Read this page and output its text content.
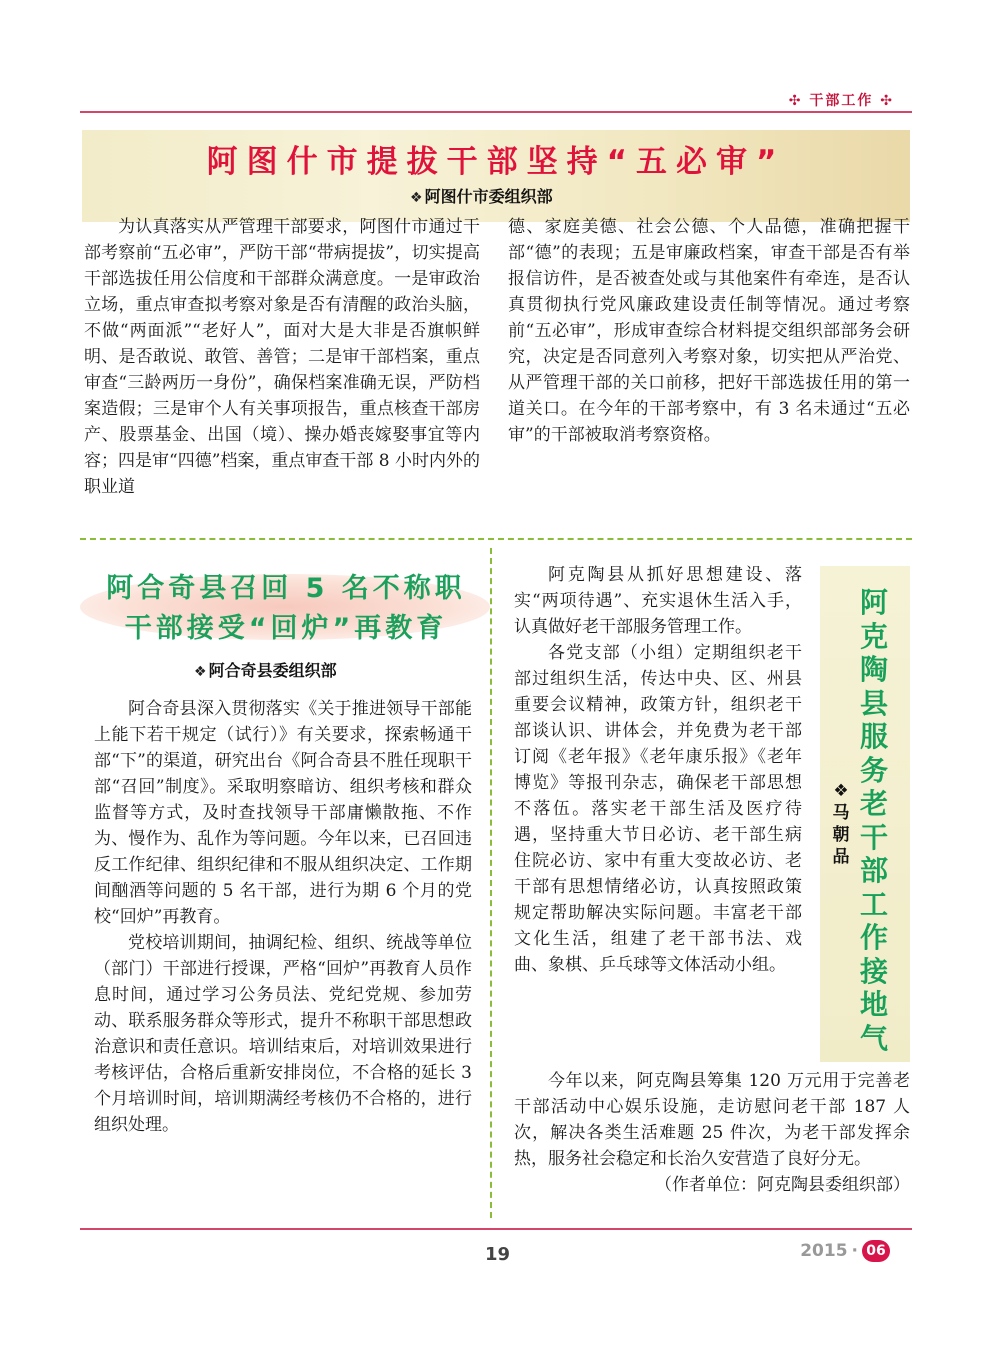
✣ 干部工作 ✣
阿图什市提拔干部坚持“五必审”
❖ 阿图什市委组织部

为认真落实从严管理干部要求，阿图什市通过干部考察前“五必审”，严防干部“带病提拔”，切实提高干部选拔任用公信度和干部群众满意度。一是审政治立场，重点审查拟考察对象是否有清醒的政治头脑，不做“两面派”“老好人”，面对大是大非是否旗帜鲜明、是否敢说、敢管、善管；二是审干部档案，重点审查“三龄两历一身份”，确保档案准确无误，严防档案造假；三是审个人有关事项报告，重点核查干部房产、股票基金、出国（境）、操办婚丧嫁娶事宜等内容；四是审“四德”档案，重点审查干部 8 小时内外的职业道

德、家庭美德、社会公德、个人品德，准确把握干部“德”的表现；五是审廉政档案，审查干部是否有举报信访件，是否被查处或与其他案件有牵连，是否认真贯彻执行党风廉政建设责任制等情况。通过考察前“五必审”，形成审查综合材料提交组织部部务会研究，决定是否同意列入考察对象，切实把从严治党、从严管理干部的关口前移，把好干部选拔任用的第一道关口。在今年的干部考察中，有 3 名未通过“五必审”的干部被取消考察资格。

阿合奇县召回 5 名不称职
干部接受“回炉”再教育
❖ 阿合奇县委组织部

阿合奇县深入贯彻落实《关于推进领导干部能上能下若干规定（试行）》有关要求，探索畅通干部“下”的渠道，研究出台《阿合奇县不胜任现职干部“召回”制度》。采取明察暗访、组织考核和群众监督等方式，及时查找领导干部庸懒散拖、不作为、慢作为、乱作为等问题。今年以来，已召回违反工作纪律、组织纪律和不服从组织决定、工作期间酗酒等问题的 5 名干部，进行为期 6 个月的党校“回炉”再教育。

党校培训期间，抽调纪检、组织、统战等单位（部门）干部进行授课，严格“回炉”再教育人员作息时间，通过学习公务员法、党纪党规、参加劳动、联系服务群众等形式，提升不称职干部思想政治意识和责任意识。培训结束后，对培训效果进行考核评估，合格后重新安排岗位，不合格的延长 3 个月培训时间，培训期满经考核仍不合格的，进行组织处理。

阿
克
陶
县
服
务
老
干
部
工
作
接
地
气
❖
马
朝
品

阿克陶县从抓好思想建设、落实“两项待遇”、充实退休生活入手，认真做好老干部服务管理工作。

各党支部（小组）定期组织老干部过组织生活，传达中央、区、州县重要会议精神，政策方针，组织老干部谈认识、讲体会，并免费为老干部订阅《老年报》《老年康乐报》《老年博览》等报刊杂志，确保老干部思想不落伍。落实老干部生活及医疗待遇，坚持重大节日必访、老干部生病住院必访、家中有重大变故必访、老干部有思想情绪必访，认真按照政策规定帮助解决实际问题。丰富老干部文化生活，组建了老干部书法、戏曲、象棋、乒乓球等文体活动小组。

今年以来，阿克陶县筹集 120 万元用于完善老干部活动中心娱乐设施，走访慰问老干部 187 人次，解决各类生活难题 25 件次，为老干部发挥余热，服务社会稳定和长治久安营造了良好分无。

（作者单位：阿克陶县委组织部）

19	2015 · 06
